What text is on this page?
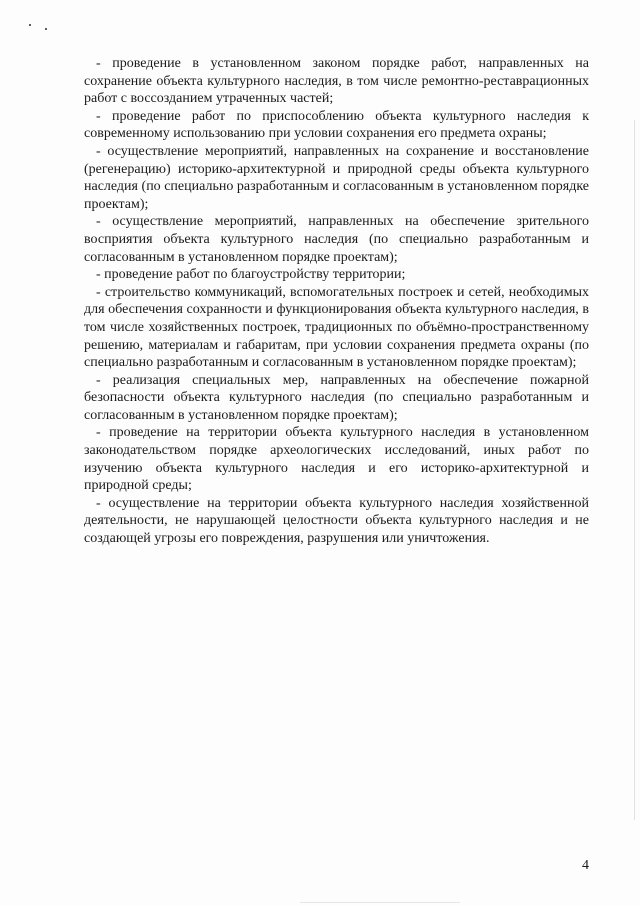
- проведение в установленном законом порядке работ, направленных на сохранение объекта культурного наследия, в том числе ремонтно-реставрационных работ с воссозданием утраченных частей;

- проведение работ по приспособлению объекта культурного наследия к современному использованию при условии сохранения его предмета охраны;

- осуществление мероприятий, направленных на сохранение и восстановление (регенерацию) историко-архитектурной и природной среды объекта культурного наследия (по специально разработанным и согласованным в установленном порядке проектам);

- осуществление мероприятий, направленных на обеспечение зрительного восприятия объекта культурного наследия (по специально разработанным и согласованным в установленном порядке проектам);

- проведение работ по благоустройству территории;

- строительство коммуникаций, вспомогательных построек и сетей, необходимых для обеспечения сохранности и функционирования объекта культурного наследия, в том числе хозяйственных построек, традиционных по объёмно-пространственному решению, материалам и габаритам, при условии сохранения предмета охраны (по специально разработанным и согласованным в установленном порядке проектам);

- реализация специальных мер, направленных на обеспечение пожарной безопасности объекта культурного наследия (по специально разработанным и согласованным в установленном порядке проектам);

- проведение на территории объекта культурного наследия в установленном законодательством порядке археологических исследований, иных работ по изучению объекта культурного наследия и его историко-архитектурной и природной среды;

- осуществление на территории объекта культурного наследия хозяйственной деятельности, не нарушающей целостности объекта культурного наследия и не создающей угрозы его повреждения, разрушения или уничтожения.

4
